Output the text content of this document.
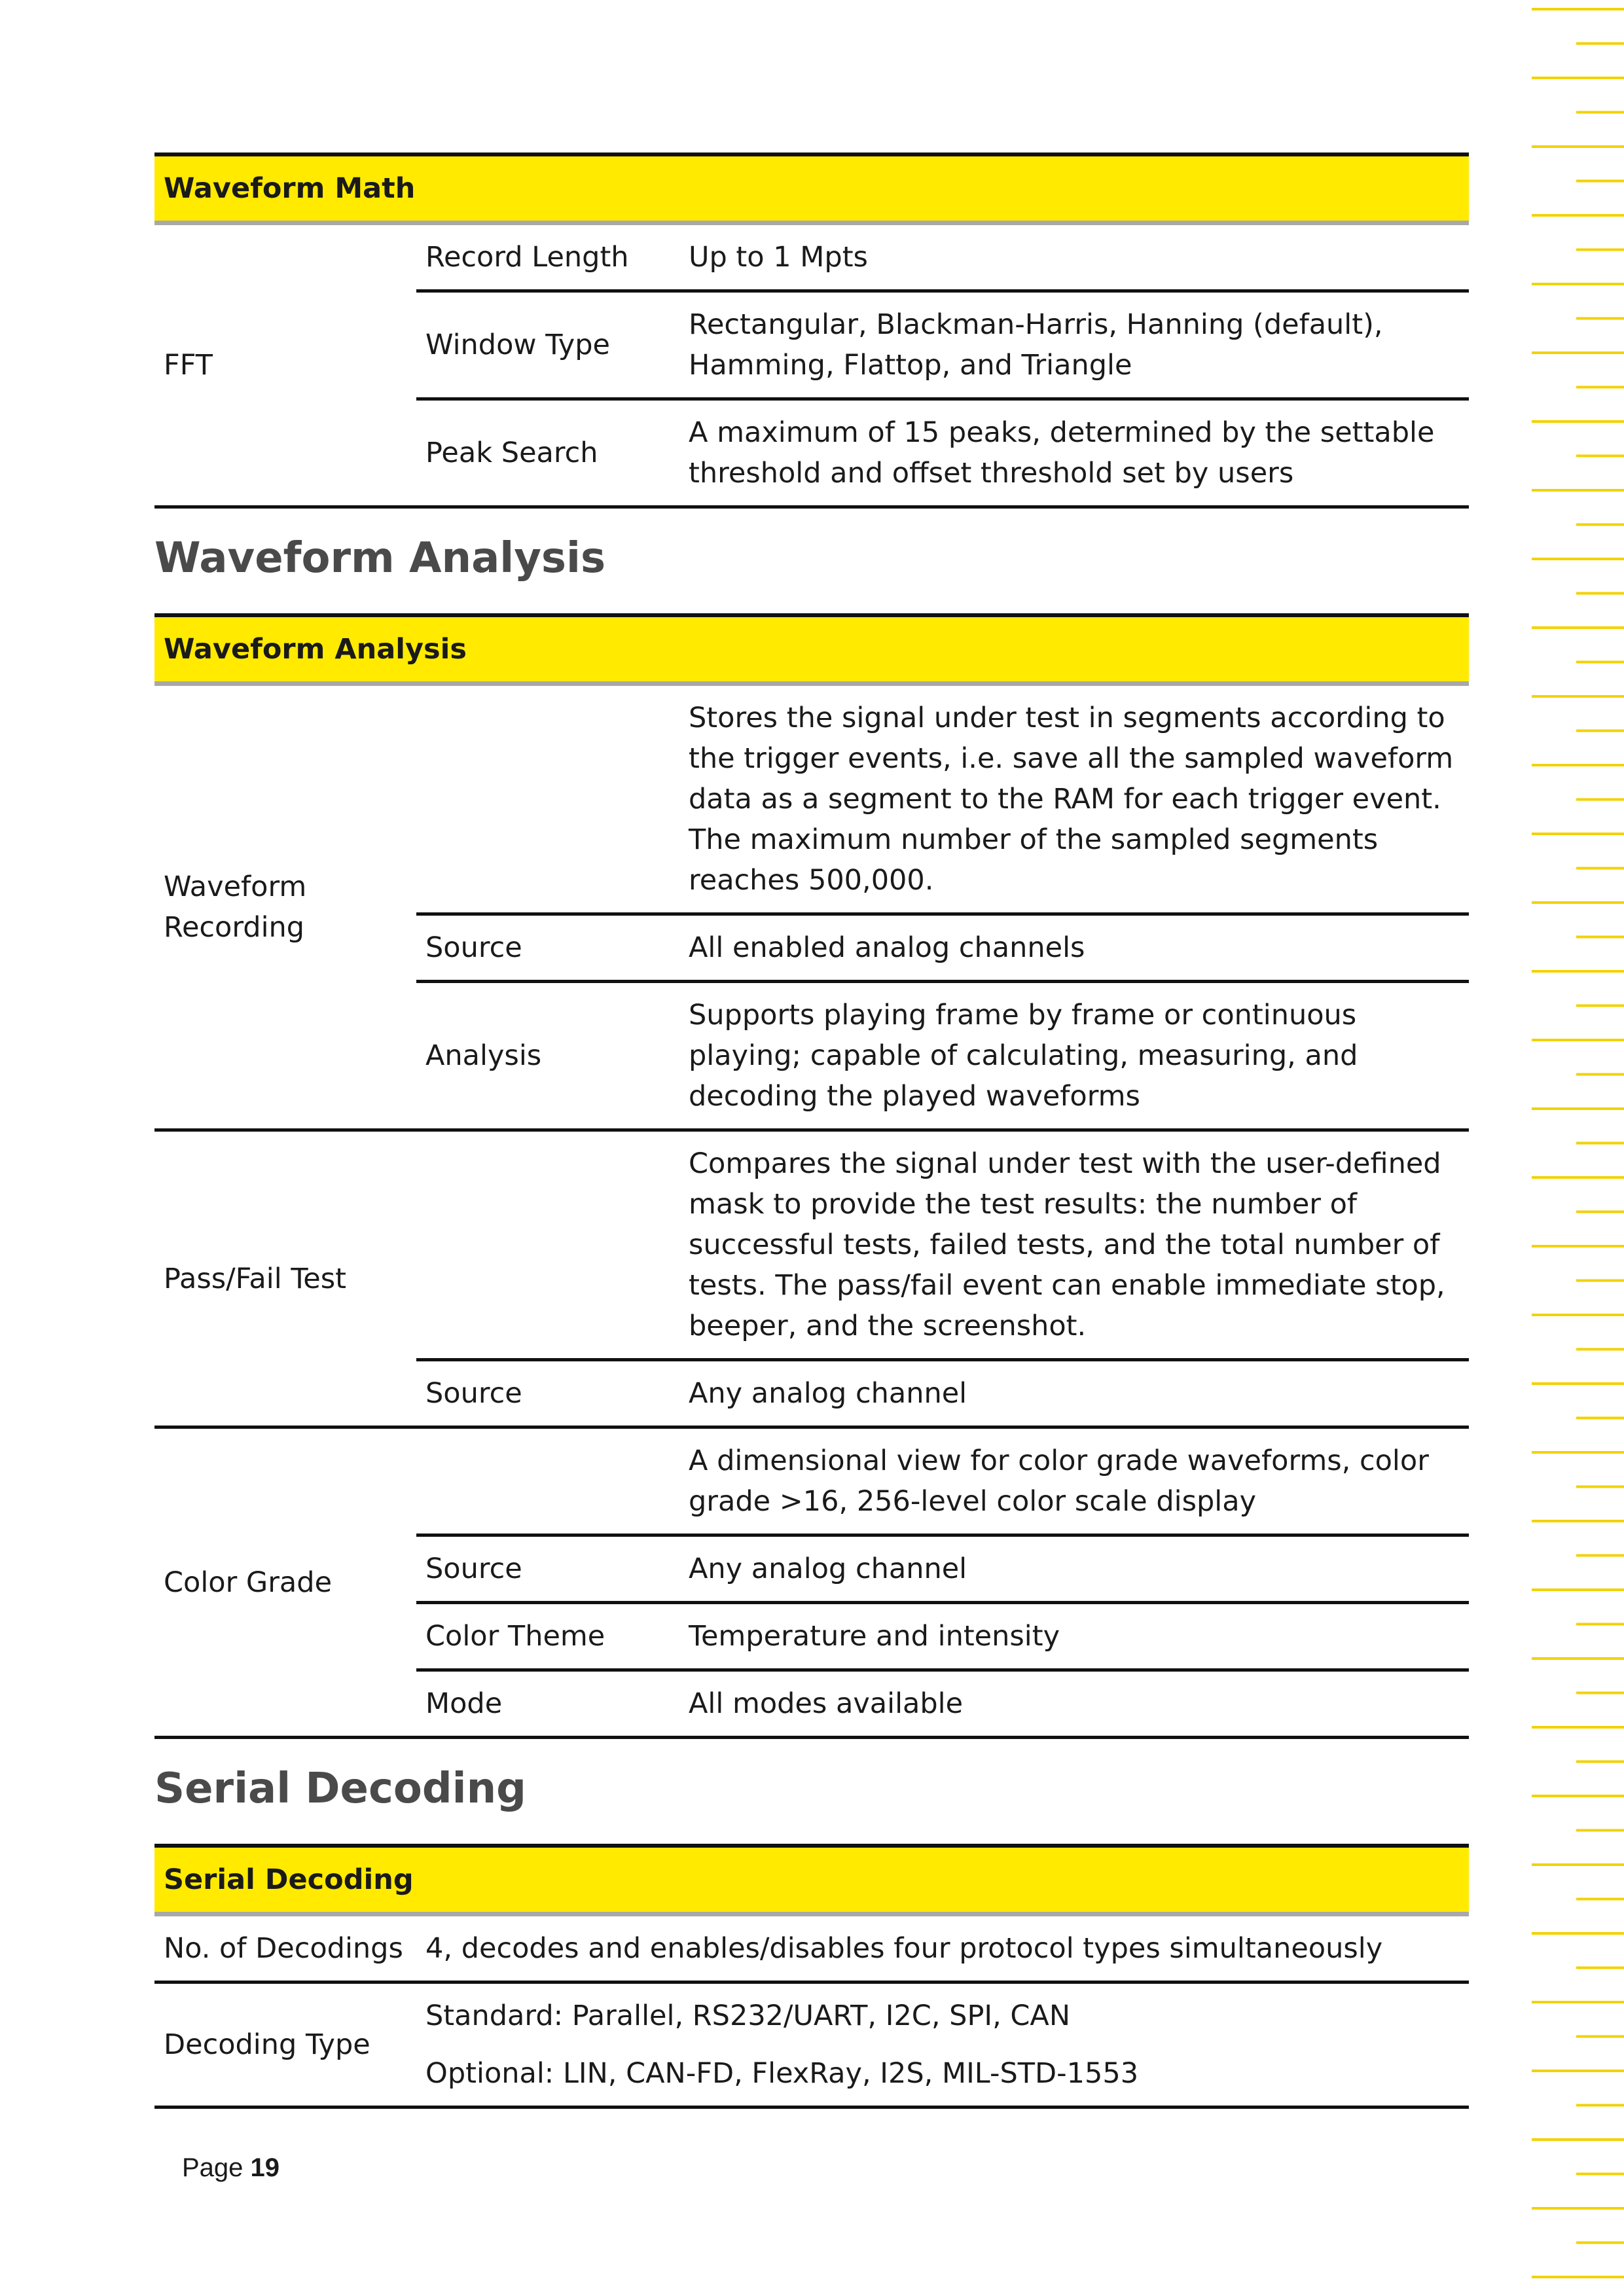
Waveform Math		
FFT	Record Length	Up to 1 Mpts
	Window Type	Rectangular, Blackman-Harris, Hanning (default), Hamming, Flattop, and Triangle
	Peak Search	A maximum of 15 peaks, determined by the settable threshold and offset threshold set by users
Waveform Analysis
Waveform Analysis		

Waveform Recording		Stores the signal under test in segments according to the trigger events, i.e. save all the sampled waveform data as a segment to the RAM for each trigger event. The maximum number of the sampled segments reaches 500,000.
	Source	All enabled analog channels
	Analysis	Supports playing frame by frame or continuous playing; capable of calculating, measuring, and decoding the played waveforms
Pass/Fail Test		Compares the signal under test with the user-defined mask to provide the test results: the number of successful tests, failed tests, and the total number of tests. The pass/fail event can enable immediate stop, beeper, and the screenshot.
	Source	Any analog channel
Color Grade		A dimensional view for color grade waveforms, color grade >16, 256-level color scale display
	Source	Any analog channel
	Color Theme	Temperature and intensity
	Mode	All modes available
Serial Decoding
Serial Decoding	
No. of Decodings	4, decodes and enables/disables four protocol types simultaneously
Decoding Type	Standard: Parallel, RS232/UART, I2C, SPI, CAN
Optional: LIN, CAN-FD, FlexRay, I2S, MIL-STD-1553
Page 19
